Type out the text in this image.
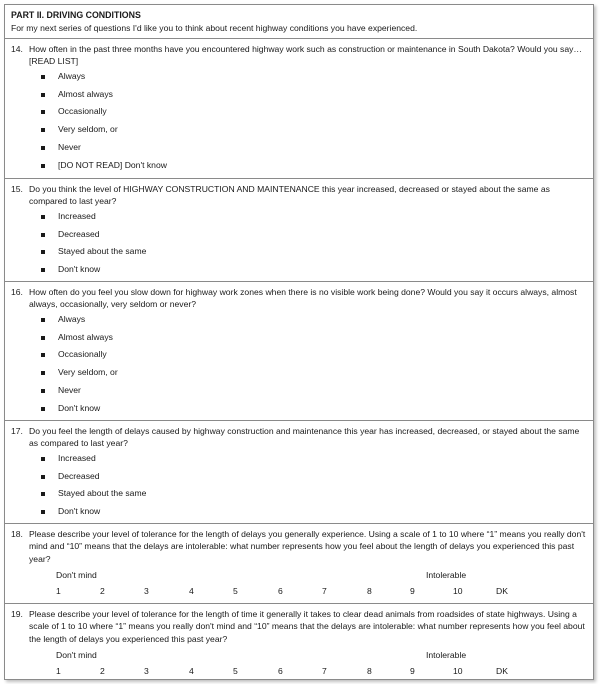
PART II. DRIVING CONDITIONS
For my next series of questions I'd like you to think about recent highway conditions you have experienced.
14. How often in the past three months have you encountered highway work such as construction or maintenance in South Dakota? Would you say…[READ LIST]
Always
Almost always
Occasionally
Very seldom, or
Never
[DO NOT READ] Don't know
15. Do you think the level of HIGHWAY CONSTRUCTION AND MAINTENANCE this year increased, decreased or stayed about the same as compared to last year?
Increased
Decreased
Stayed about the same
Don't know
16. How often do you feel you slow down for highway work zones when there is no visible work being done? Would you say it occurs always, almost always, occasionally, very seldom or never?
Always
Almost always
Occasionally
Very seldom, or
Never
Don't know
17. Do you feel the length of delays caused by highway construction and maintenance this year has increased, decreased, or stayed about the same as compared to last year?
Increased
Decreased
Stayed about the same
Don't know
18. Please describe your level of tolerance for the length of delays you generally experience. Using a scale of 1 to 10 where “1” means you really don't mind and “10” means that the delays are intolerable: what number represents how you feel about the length of delays you experienced this past year?
Don't mind	Intolerable
1	2	3	4	5	6	7	8	9	10	DK
19. Please describe your level of tolerance for the length of time it generally it takes to clear dead animals from roadsides of state highways. Using a scale of 1 to 10 where “1” means you really don't mind and “10” means that the delays are intolerable: what number represents how you feel about the length of delays you experienced this past year?
Don't mind	Intolerable
1	2	3	4	5	6	7	8	9	10	DK
